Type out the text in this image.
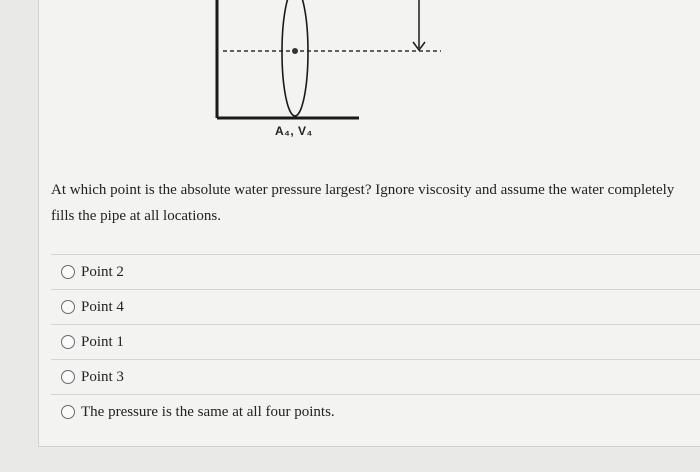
A₄, V₄
At which point is the absolute water pressure largest? Ignore viscosity and assume the water completely fills the pipe at all locations.
Point 2
Point 4
Point 1
Point 3
The pressure is the same at all four points.
